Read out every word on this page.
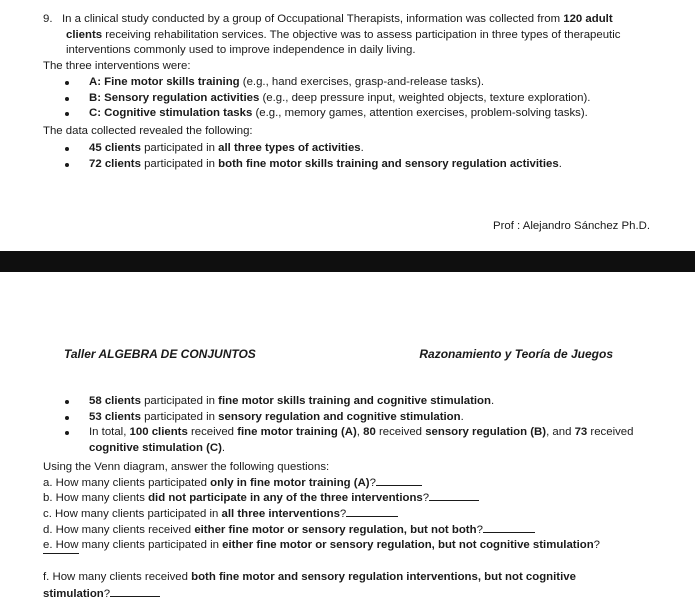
9. In a clinical study conducted by a group of Occupational Therapists, information was collected from 120 adult
clients receiving rehabilitation services. The objective was to assess participation in three types of therapeutic
interventions commonly used to improve independence in daily living.
The three interventions were:
A: Fine motor skills training (e.g., hand exercises, grasp-and-release tasks).
B: Sensory regulation activities (e.g., deep pressure input, weighted objects, texture exploration).
C: Cognitive stimulation tasks (e.g., memory games, attention exercises, problem-solving tasks).
The data collected revealed the following:
45 clients participated in all three types of activities.
72 clients participated in both fine motor skills training and sensory regulation activities.
Prof : Alejandro Sánchez Ph.D.
Taller ALGEBRA DE CONJUNTOS	Razonamiento y Teoría de Juegos
58 clients participated in fine motor skills training and cognitive stimulation.
53 clients participated in sensory regulation and cognitive stimulation.
In total, 100 clients received fine motor training (A), 80 received sensory regulation (B), and 73 received
cognitive stimulation (C).
Using the Venn diagram, answer the following questions:
a. How many clients participated only in fine motor training (A)?
b. How many clients did not participate in any of the three interventions?
c. How many clients participated in all three interventions?
d. How many clients received either fine motor or sensory regulation, but not both?
e. How many clients participated in either fine motor or sensory regulation, but not cognitive stimulation?
f. How many clients received both fine motor and sensory regulation interventions, but not cognitive
stimulation?
